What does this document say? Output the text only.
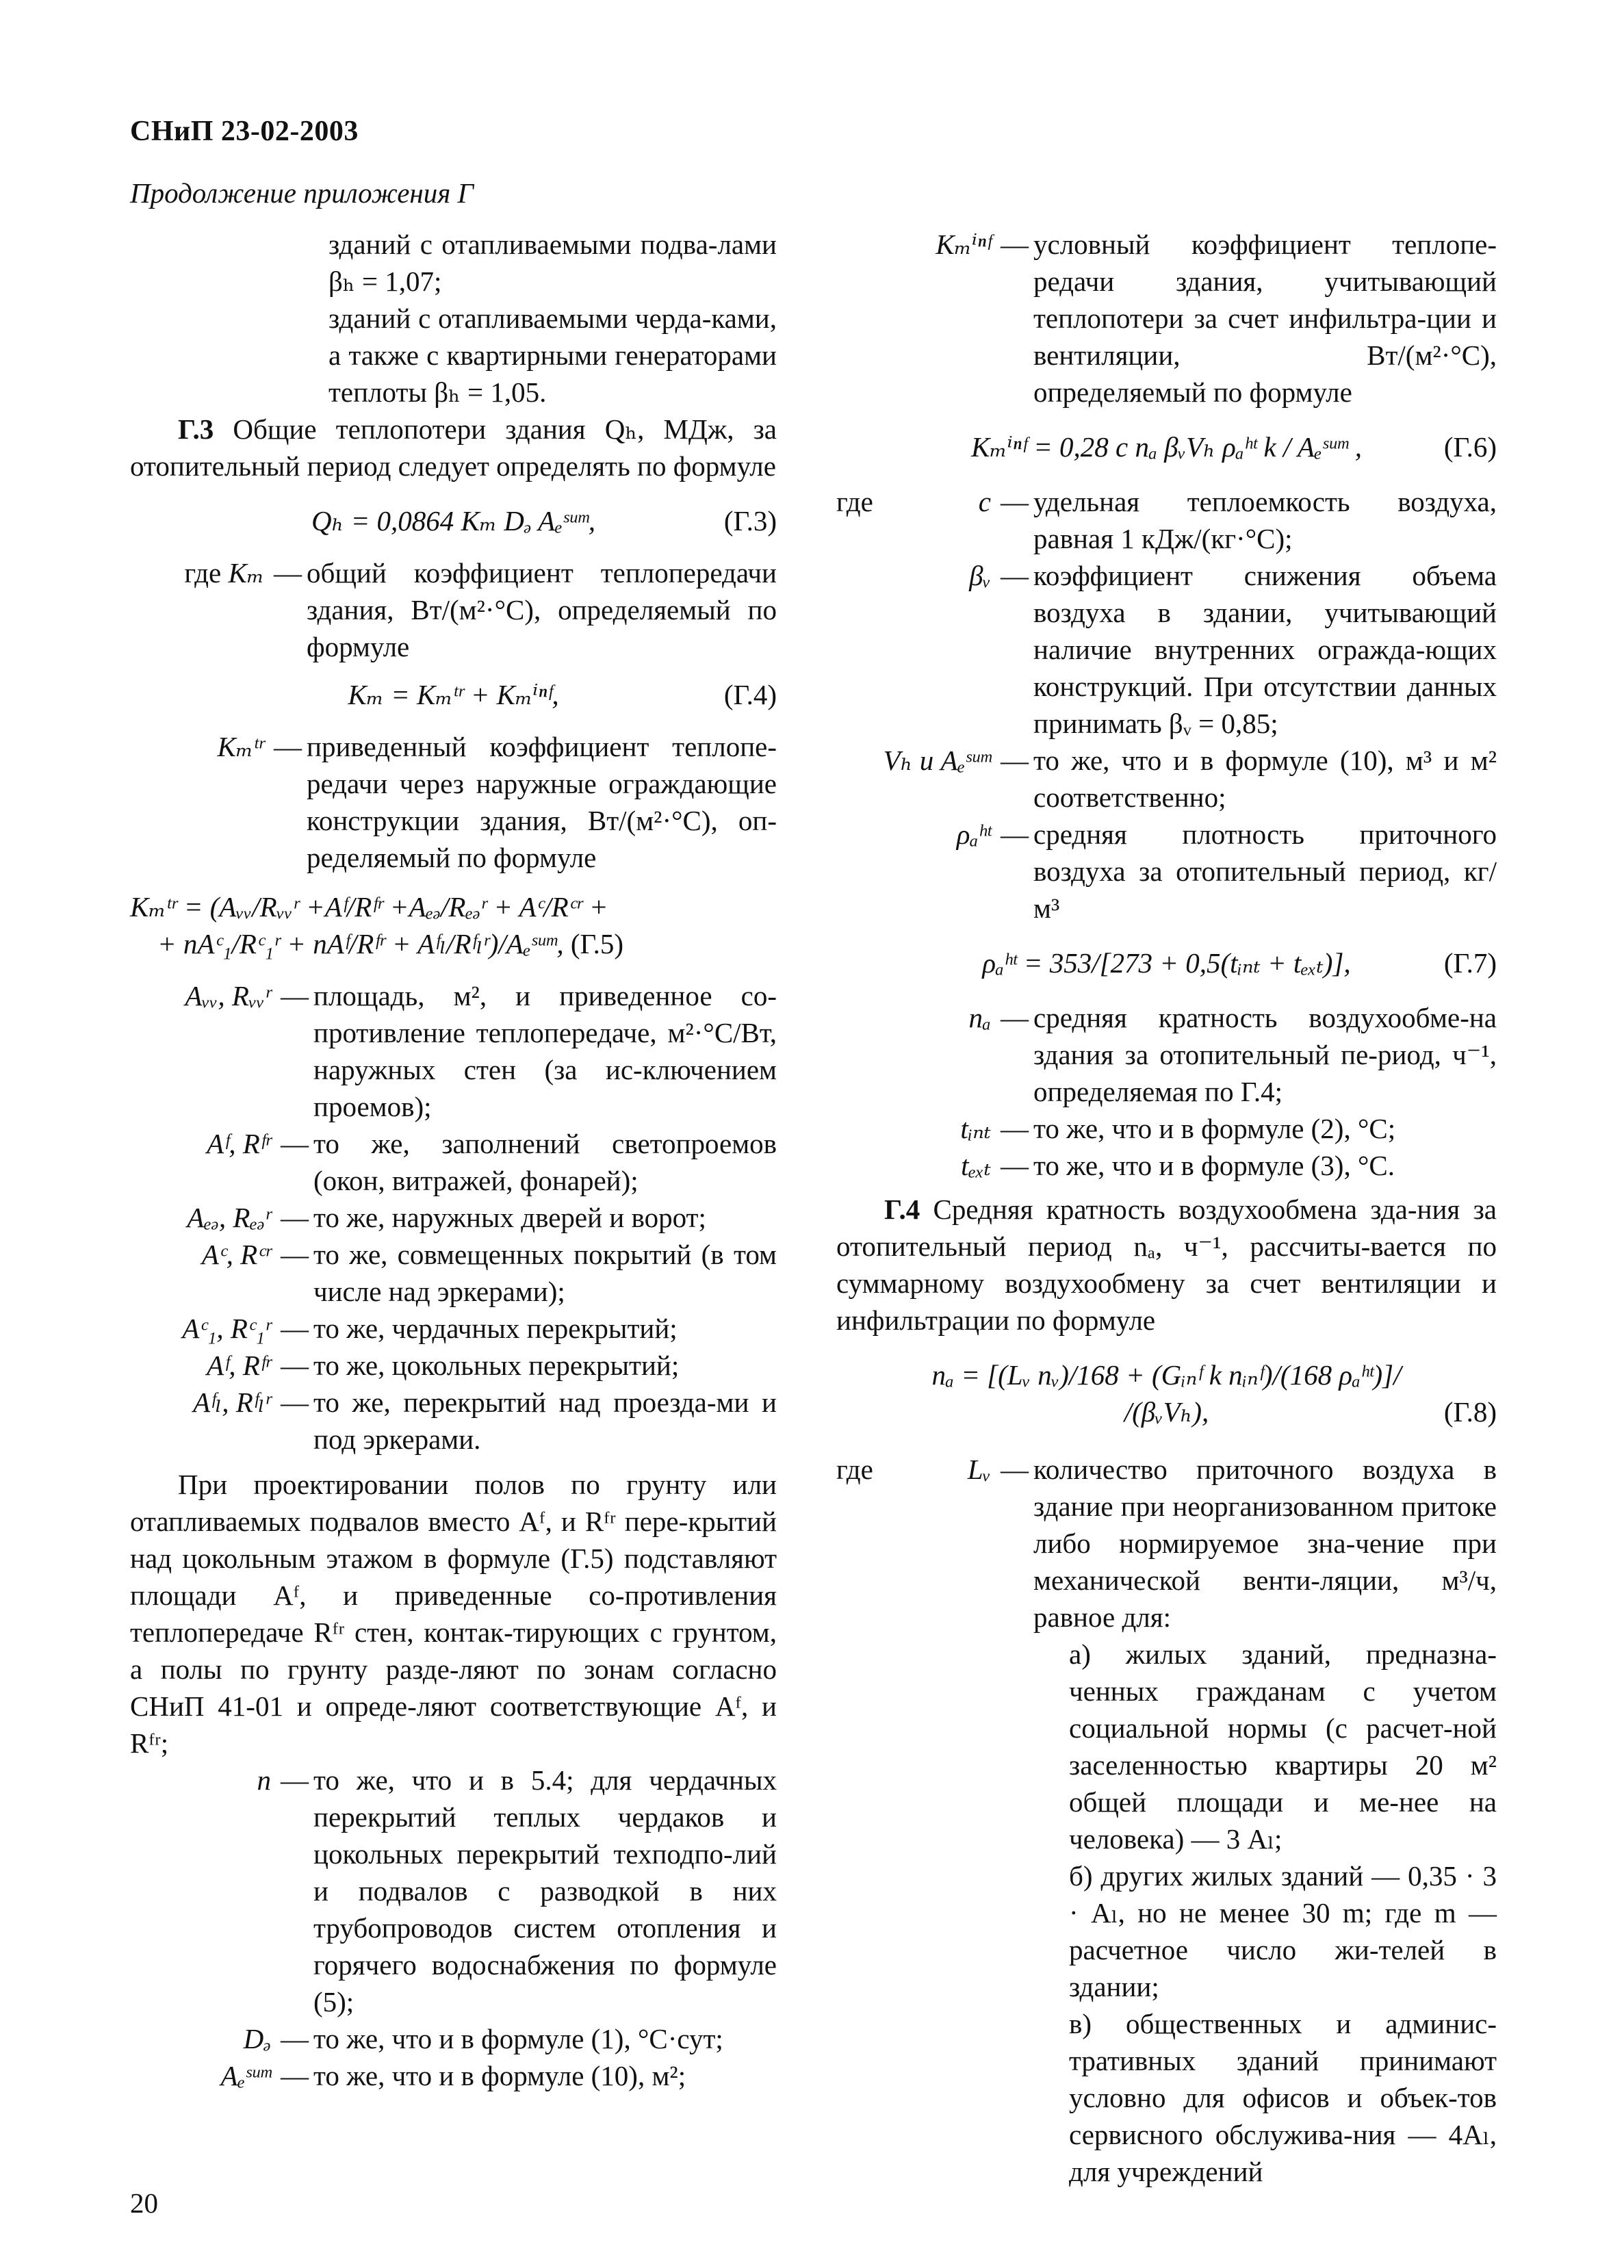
СНиП 23-02-2003
Продолжение приложения Г

зданий с отапливаемыми подва-лами βₕ = 1,07;

зданий с отапливаемыми черда-ками, а также с квартирными генераторами теплоты βₕ = 1,05.

Г.3 Общие теплопотери здания Qₕ, МДж, за отопительный период следует определять по формуле

Qₕ = 0,0864 Kₘ Dₔ Aₑˢᵘᵐ,	(Г.3)
где Kₘ — общий коэффициент теплопередачи здания, Вт/(м²·°С), определяемый по формуле
Kₘ = Kₘᵗʳ + Kₘⁱⁿᶠ,	(Г.4)
Kₘᵗʳ — приведенный коэффициент теплопе-редачи через наружные ограждающие конструкции здания, Вт/(м²·°С), оп-ределяемый по формуле
Kₘᵗʳ = (Aᵥᵥ/Rᵥᵥʳ +Aᶠ/Rᶠʳ +Aₑₔ/Rₑₔʳ + Aᶜ/Rᶜʳ +
+ nAᶜ₁/Rᶜ₁ʳ + nAᶠ/Rᶠʳ + Aᶠₗ/Rᶠₗʳ)/Aₑˢᵘᵐ, (Г.5)
Aᵥᵥ, Rᵥᵥʳ — площадь, м², и приведенное со-противление теплопередаче, м²·°С/Вт, наружных стен (за ис-ключением проемов);
Aᶠ, Rᶠʳ — то же, заполнений светопроемов (окон, витражей, фонарей);
Aₑₔ, Rₑₔʳ — то же, наружных дверей и ворот;
Aᶜ, Rᶜʳ — то же, совмещенных покрытий (в том числе над эркерами);
Aᶜ₁, Rᶜ₁ʳ — то же, чердачных перекрытий;
Aᶠ, Rᶠʳ — то же, цокольных перекрытий;
Aᶠₗ, Rᶠₗʳ — то же, перекрытий над проезда-ми и под эркерами.

При проектировании полов по грунту или отапливаемых подвалов вместо Aᶠ, и Rᶠʳ пере-крытий над цокольным этажом в формуле (Г.5) подставляют площади Aᶠ, и приведенные со-противления теплопередаче Rᶠʳ стен, контак-тирующих с грунтом, а полы по грунту разде-ляют по зонам согласно СНиП 41-01 и опреде-ляют соответствующие Aᶠ, и Rᶠʳ;

n — то же, что и в 5.4; для чердачных перекрытий теплых чердаков и цокольных перекрытий техподпо-лий и подвалов с разводкой в них трубопроводов систем отопления и горячего водоснабжения по формуле (5);
Dₔ — то же, что и в формуле (1), °С·сут;
Aₑˢᵘᵐ — то же, что и в формуле (10), м²;
Kₘⁱⁿᶠ — условный коэффициент теплопе-редачи здания, учитывающий теплопотери за счет инфильтра-ции и вентиляции, Вт/(м²·°С), определяемый по формуле
Kₘⁱⁿᶠ = 0,28 c nₐ βᵥVₕ ρₐʰᵗ k / Aₑˢᵘᵐ ,	(Г.6)
где	c — удельная теплоемкость воздуха, равная 1 кДж/(кг·°С);
βᵥ — коэффициент снижения объема воздуха в здании, учитывающий наличие внутренних огражда-ющих конструкций. При отсутствии данных принимать βᵥ = 0,85;
Vₕ и Aₑˢᵘᵐ — то же, что и в формуле (10), м³ и м² соответственно;
ρₐʰᵗ — средняя плотность приточного воздуха за отопительный период, кг/м³
ρₐʰᵗ = 353/[273 + 0,5(tᵢₙₜ + tₑₓₜ)],	(Г.7)
nₐ — средняя кратность воздухообме-на здания за отопительный пе-риод, ч⁻¹, определяемая по Г.4;
tᵢₙₜ — то же, что и в формуле (2), °С;
tₑₓₜ — то же, что и в формуле (3), °С.

Г.4 Средняя кратность воздухообмена зда-ния за отопительный период nₐ, ч⁻¹, рассчиты-вается по суммарному воздухообмену за счет вентиляции и инфильтрации по формуле

nₐ = [(Lᵥ nᵥ)/168 + (Gᵢₙᶠ k nᵢₙᶠ)/(168 ρₐʰᵗ)]/
/(βᵥVₕ),	(Г.8)
где	Lᵥ — количество приточного воздуха в здание при неорганизованном притоке либо нормируемое зна-чение при механической венти-ляции, м³/ч, равное для:

а) жилых зданий, предназна-ченных гражданам с учетом социальной нормы (с расчет-ной заселенностью квартиры 20 м² общей площади и ме-нее на человека) — 3 Aₗ;

б) других жилых зданий — 0,35 · 3 · Aₗ, но не менее 30 m; где m — расчетное число жи-телей в здании;

в) общественных и админис-тративных зданий принимают условно для офисов и объек-тов сервисного обслужива-ния — 4Aₗ, для учреждений

20
